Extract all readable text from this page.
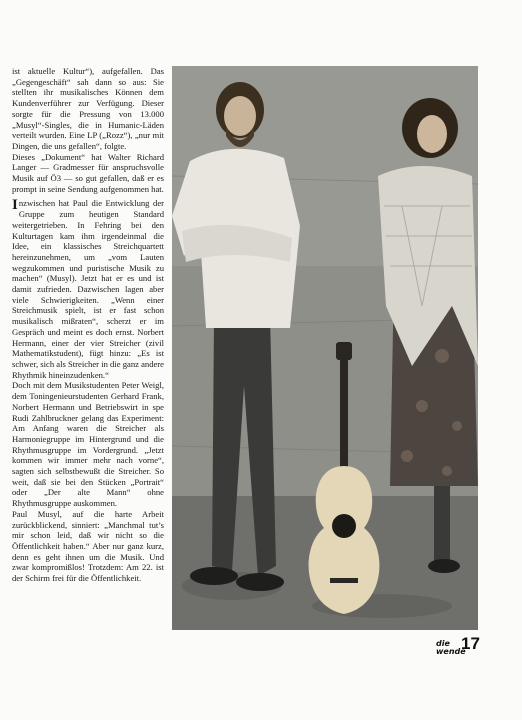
ist aktuelle Kultur“), aufgefallen. Das „Gegengeschäft“ sah dann so aus: Sie stellten ihr musikalisches Können dem Kundenverführer zur Verfügung. Dieser sorgte für die Pressung von 13.000 „Musyl“-Singles, die in Humanic-Läden verteilt wurden. Eine LP („Rozz“), „nur mit Dingen, die uns gefallen“, folgte.

Dieses „Dokument“ hat Walter Richard Langer — Gradmesser für anspruchsvolle Musik auf Ö3 — so gut gefallen, daß er es prompt in seine Sendung aufgenommen hat.

Inzwischen hat Paul die Entwicklung der Gruppe zum heutigen Standard weitergetrieben. In Fehring bei den Kulturtagen kam ihm irgendeinmal die Idee, ein klassisches Streichquartett hereinzunehmen, um „vom Lauten wegzukommen und puristische Musik zu machen“ (Musyl). Jetzt hat er es und ist damit zufrieden. Dazwischen lagen aber viele Schwierigkeiten. „Wenn einer Streichmusik spielt, ist er fast schon musikalisch mißraten“, scherzt er im Gespräch und meint es doch ernst. Norbert Hermann, einer der vier Streicher (zivil Mathematikstudent), fügt hinzu: „Es ist schwer, sich als Streicher in die ganz andere Rhythmik hineinzudenken.“

Doch mit dem Musikstudenten Peter Weigl, dem Toningenieurstudenten Gerhard Frank, Norbert Hermann und Betriebswirt in spe Rudi Zahlbruckner gelang das Experiment: Am Anfang waren die Streicher als Harmoniegruppe im Hintergrund und die Rhythmusgruppe im Vordergrund. „Jetzt kommen wir immer mehr nach vorne“, sagten sich selbstbewußt die Streicher. So weit, daß sie bei den Stücken „Portrait“ oder „Der alte Mann“ ohne Rhythmusgruppe auskommen.

Paul Musyl, auf die harte Arbeit zurückblickend, sinniert: „Manchmal tut’s mir schon leid, daß wir nicht so die Öffentlichkeit haben.“ Aber nur ganz kurz, denn es geht ihnen um die Musik. Und zwar kompromißlos! Trotzdem: Am 22. ist der Schirm frei für die Öffentlichkeit.

die
wende
17
